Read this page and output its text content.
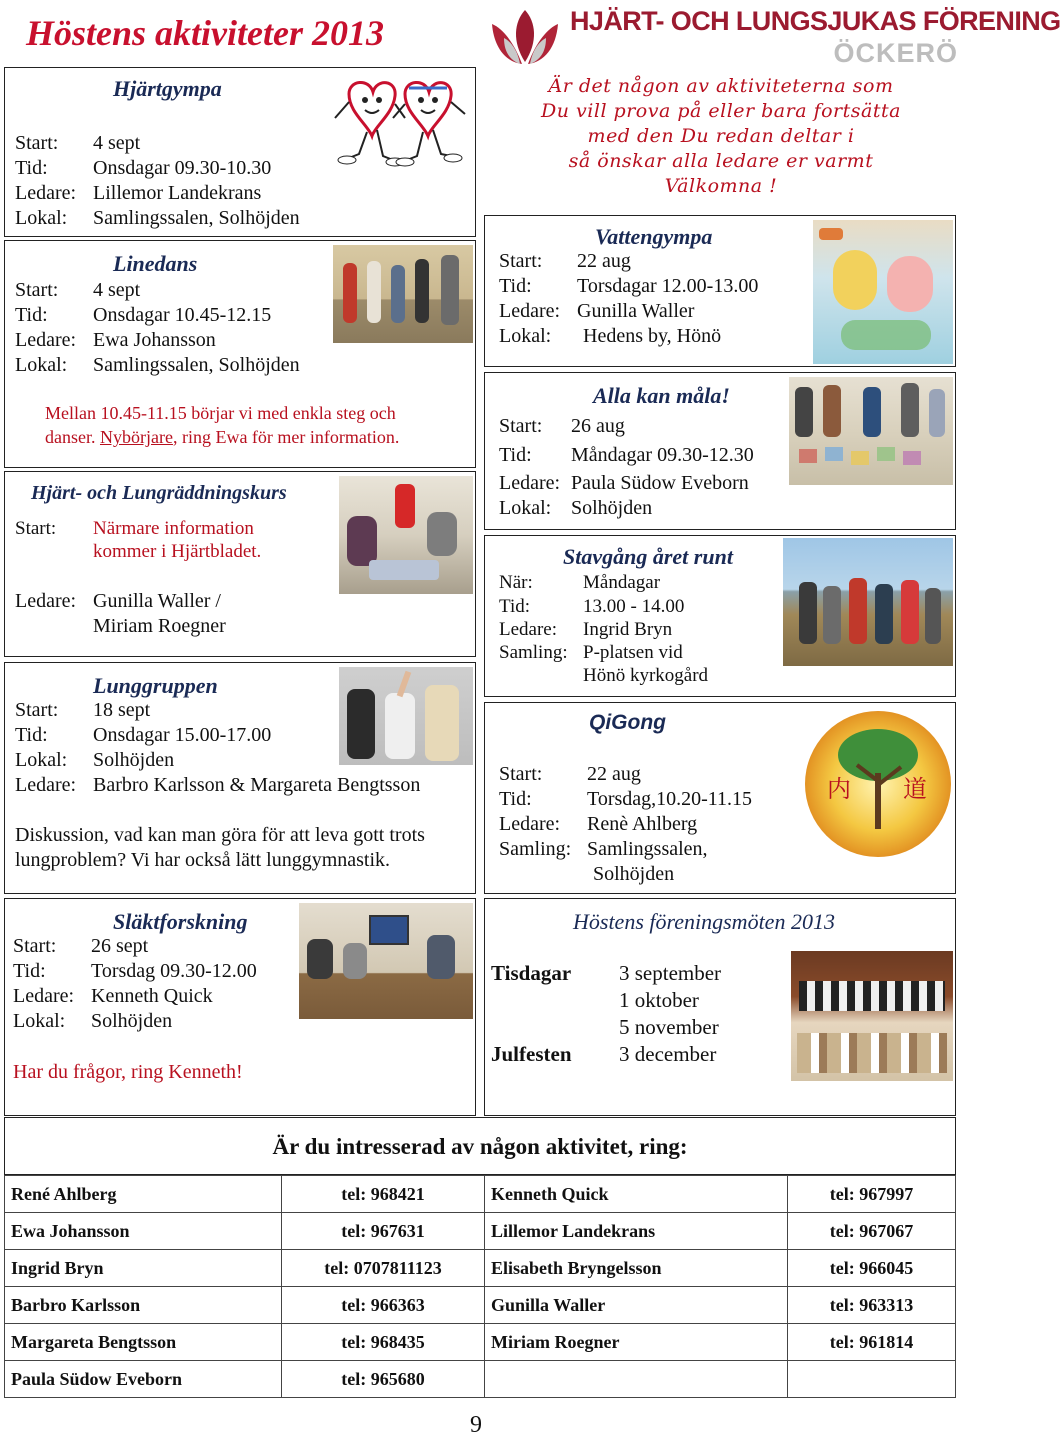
Höstens aktiviteter 2013	HJÄRT- OCH LUNGSJUKAS FÖRENING
ÖCKERÖ
Är det någon av aktiviteterna som
Du vill prova på eller bara fortsätta
med den Du redan deltar i
så önskar alla ledare er varmt
Välkomna !
Hjärtgympa
Start: 4 sept
Tid: Onsdagar 09.30-10.30
Ledare: Lillemor Landekrans
Lokal: Samlingssalen, Solhöjden
Linedans
Start: 4 sept
Tid: Onsdagar 10.45-12.15
Ledare: Ewa Johansson
Lokal: Samlingssalen, Solhöjden
Mellan 10.45-11.15 börjar vi med enkla steg och
danser. Nybörjare, ring Ewa för mer information.
Hjärt- och Lungräddningskurs
Start: Närmare information
kommer i Hjärtbladet.
Ledare: Gunilla Waller /
Miriam Roegner
Lunggruppen
Start: 18 sept
Tid: Onsdagar 15.00-17.00
Lokal: Solhöjden
Ledare: Barbro Karlsson & Margareta Bengtsson
Diskussion, vad kan man göra för att leva gott trots
lungproblem? Vi har också lätt lunggymnastik.
Släktforskning
Start: 26 sept
Tid: Torsdag 09.30-12.00
Ledare: Kenneth Quick
Lokal: Solhöjden
Har du frågor, ring Kenneth!
Vattengympa
Start: 22 aug
Tid: Torsdagar 12.00-13.00
Ledare: Gunilla Waller
Lokal: Hedens by, Hönö
Alla kan måla!
Start: 26 aug
Tid: Måndagar 09.30-12.30
Ledare: Paula Südow Eveborn
Lokal: Solhöjden
Stavgång året runt
När:	Måndagar
Tid:	13.00 - 14.00
Ledare: Ingrid Bryn
Samling: P-platsen vid
Hönö kyrkogård
QiGong
内 道
Start: 22 aug
Tid:	Torsdag,10.20-11.15
Ledare: Renè Ahlberg
Samling: Samlingssalen,
Solhöjden
Höstens föreningsmöten 2013
Tisdagar 3 september
1 oktober
5 november
Julfesten 3 december
Är du intresserad av någon aktivitet, ring:
René Ahlberg	tel: 968421	Kenneth Quick	tel: 967997
Ewa Johansson	tel: 967631	Lillemor Landekrans	tel: 967067
Ingrid Bryn	tel: 0707811123	Elisabeth Bryngelsson	tel: 966045
Barbro Karlsson	tel: 966363	Gunilla Waller	tel: 963313
Margareta Bengtsson	tel: 968435	Miriam Roegner	tel: 961814
Paula Südow Eveborn	tel: 965680		
9
